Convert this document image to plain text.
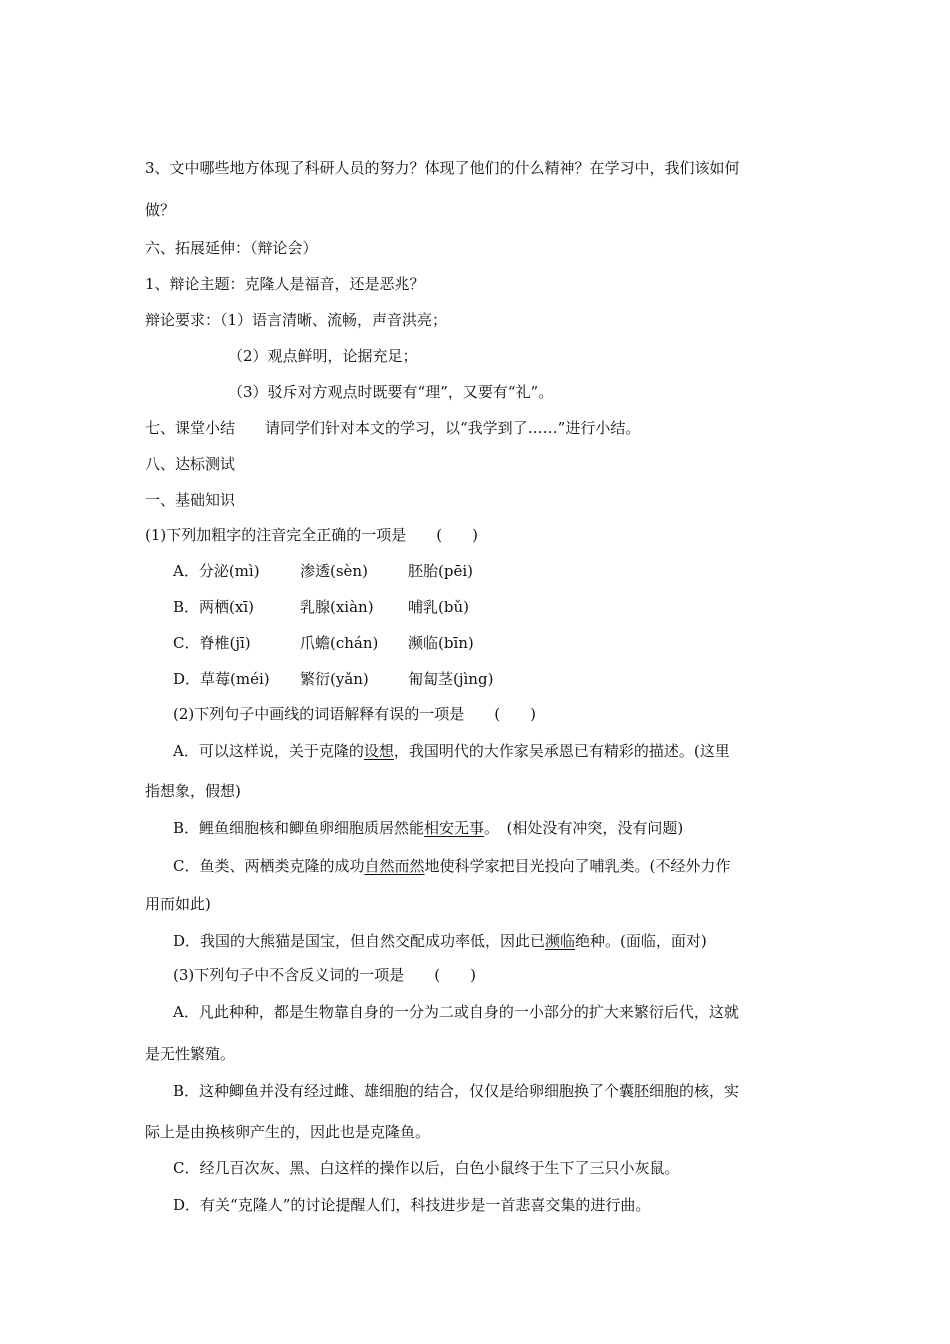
3、文中哪些地方体现了科研人员的努力？体现了他们的什么精神？在学习中，我们该如何
做？
六、拓展延伸：（辩论会）
1、辩论主题：克隆人是福音，还是恶兆？
辩论要求：（1）语言清晰、流畅，声音洪亮；
（2）观点鲜明，论据充足；
（3）驳斥对方观点时既要有“理”，又要有“礼”。
七、课堂小结　　请同学们针对本文的学习，以“我学到了……”进行小结。
八、达标测试
一、基础知识
(1)下列加粗字的注音完全正确的一项是　　(　　)
A．分泌(mì)	渗透(sèn)	胚胎(pēi)
B．两栖(xī)	乳腺(xiàn) 哺乳(bǔ)
C．脊椎(jī)	爪蟾(chán) 濒临(bīn)
D．草莓(méi) 繁衍(yǎn)	匍匐茎(jìng)
(2)下列句子中画线的词语解释有误的一项是　　(　　)
A．可以这样说，关于克隆的设想，我国明代的大作家吴承恩已有精彩的描述。(这里
指想象，假想)
B．鲤鱼细胞核和鲫鱼卵细胞质居然能相安无事。　(相处没有冲突，没有问题)
C．鱼类、两栖类克隆的成功自然而然地使科学家把目光投向了哺乳类。(不经外力作
用而如此)
D．我国的大熊猫是国宝，但自然交配成功率低，因此已濒临绝种。(面临，面对)
(3)下列句子中不含反义词的一项是　　(　　)
A．凡此种种，都是生物靠自身的一分为二或自身的一小部分的扩大来繁衍后代，这就
是无性繁殖。
B．这种鲫鱼并没有经过雌、雄细胞的结合，仅仅是给卵细胞换了个囊胚细胞的核，实
际上是由换核卵产生的，因此也是克隆鱼。
C．经几百次灰、黑、白这样的操作以后，白色小鼠终于生下了三只小灰鼠。
D．有关“克隆人”的讨论提醒人们，科技进步是一首悲喜交集的进行曲。
